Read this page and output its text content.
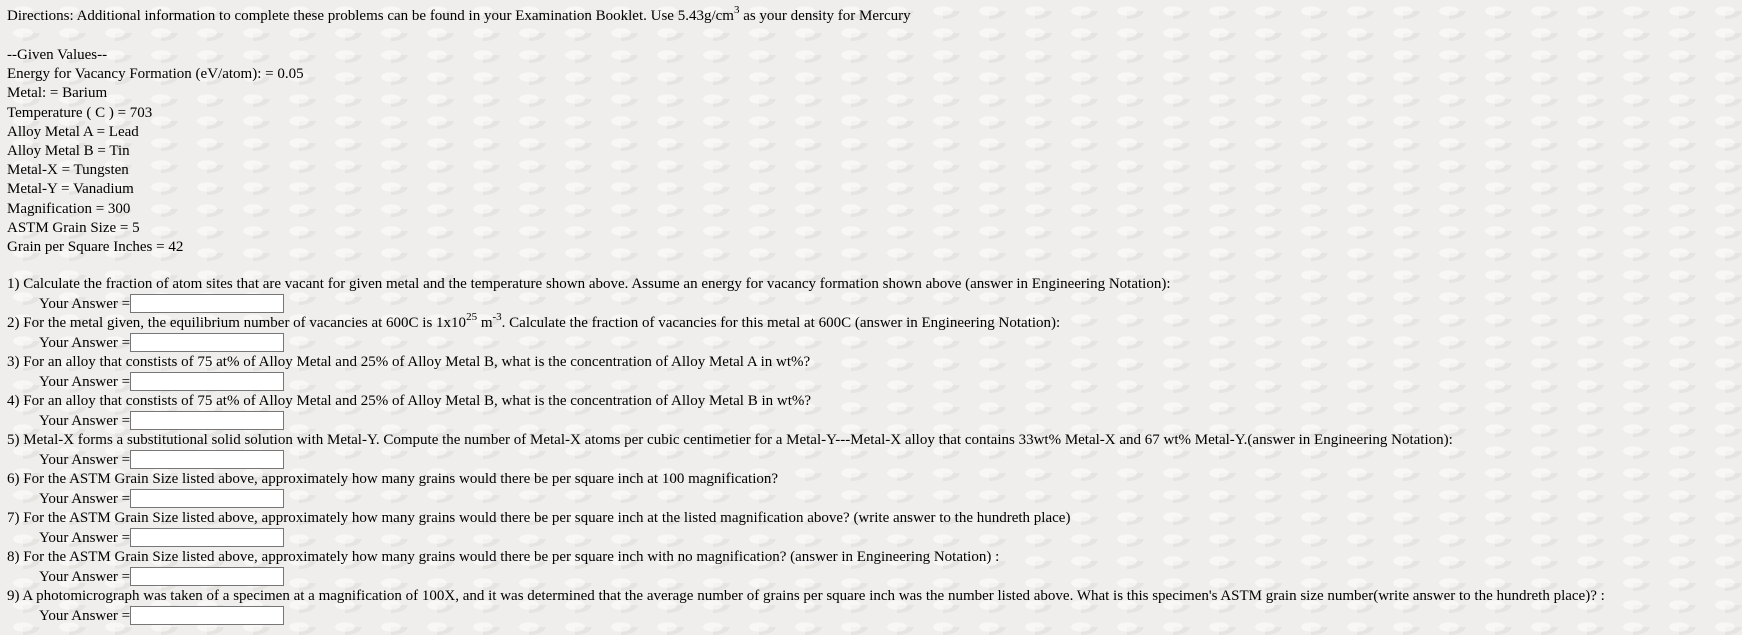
Directions: Additional information to complete these problems can be found in your Examination Booklet. Use $5.43g/cm^3$ as your density for Mercury
--Given Values--
Energy for Vacancy Formation (eV/atom): = 0.05
Metal: = Barium
Temperature ( C ) = 703
Alloy Metal A = Lead
Alloy Metal B = Tin
Metal-X = Tungsten
Metal-Y = Vanadium
Magnification = 300
ASTM Grain Size = 5
Grain per Square Inches = 42
1) Calculate the fraction of atom sites that are vacant for given metal and the temperature shown above. Assume an energy for vacancy formation shown above (answer in Engineering Notation):
Your Answer =
2) For the metal given, the equilibrium number of vacancies at 600C is $1x10^{25}$ $m^{-3}$. Calculate the fraction of vacancies for this metal at 600C (answer in Engineering Notation):
Your Answer =
3) For an alloy that constists of 75 at% of Alloy Metal and 25% of Alloy Metal B, what is the concentration of Alloy Metal A in wt%?
Your Answer =
4) For an alloy that constists of 75 at% of Alloy Metal and 25% of Alloy Metal B, what is the concentration of Alloy Metal B in wt%?
Your Answer =
5) Metal-X forms a substitutional solid solution with Metal-Y. Compute the number of Metal-X atoms per cubic centimetier for a Metal-Y---Metal-X alloy that contains 33wt% Metal-X and 67 wt% Metal-Y.(answer in Engineering Notation):
Your Answer =
6) For the ASTM Grain Size listed above, approximately how many grains would there be per square inch at 100 magnification?
Your Answer =
7) For the ASTM Grain Size listed above, approximately how many grains would there be per square inch at the listed magnification above? (write answer to the hundreth place)
Your Answer =
8) For the ASTM Grain Size listed above, approximately how many grains would there be per square inch with no magnification? (answer in Engineering Notation) :
Your Answer =
9) A photomicrograph was taken of a specimen at a magnification of 100X, and it was determined that the average number of grains per square inch was the number listed above. What is this specimen's ASTM grain size number(write answer to the hundreth place)? :
Your Answer =
